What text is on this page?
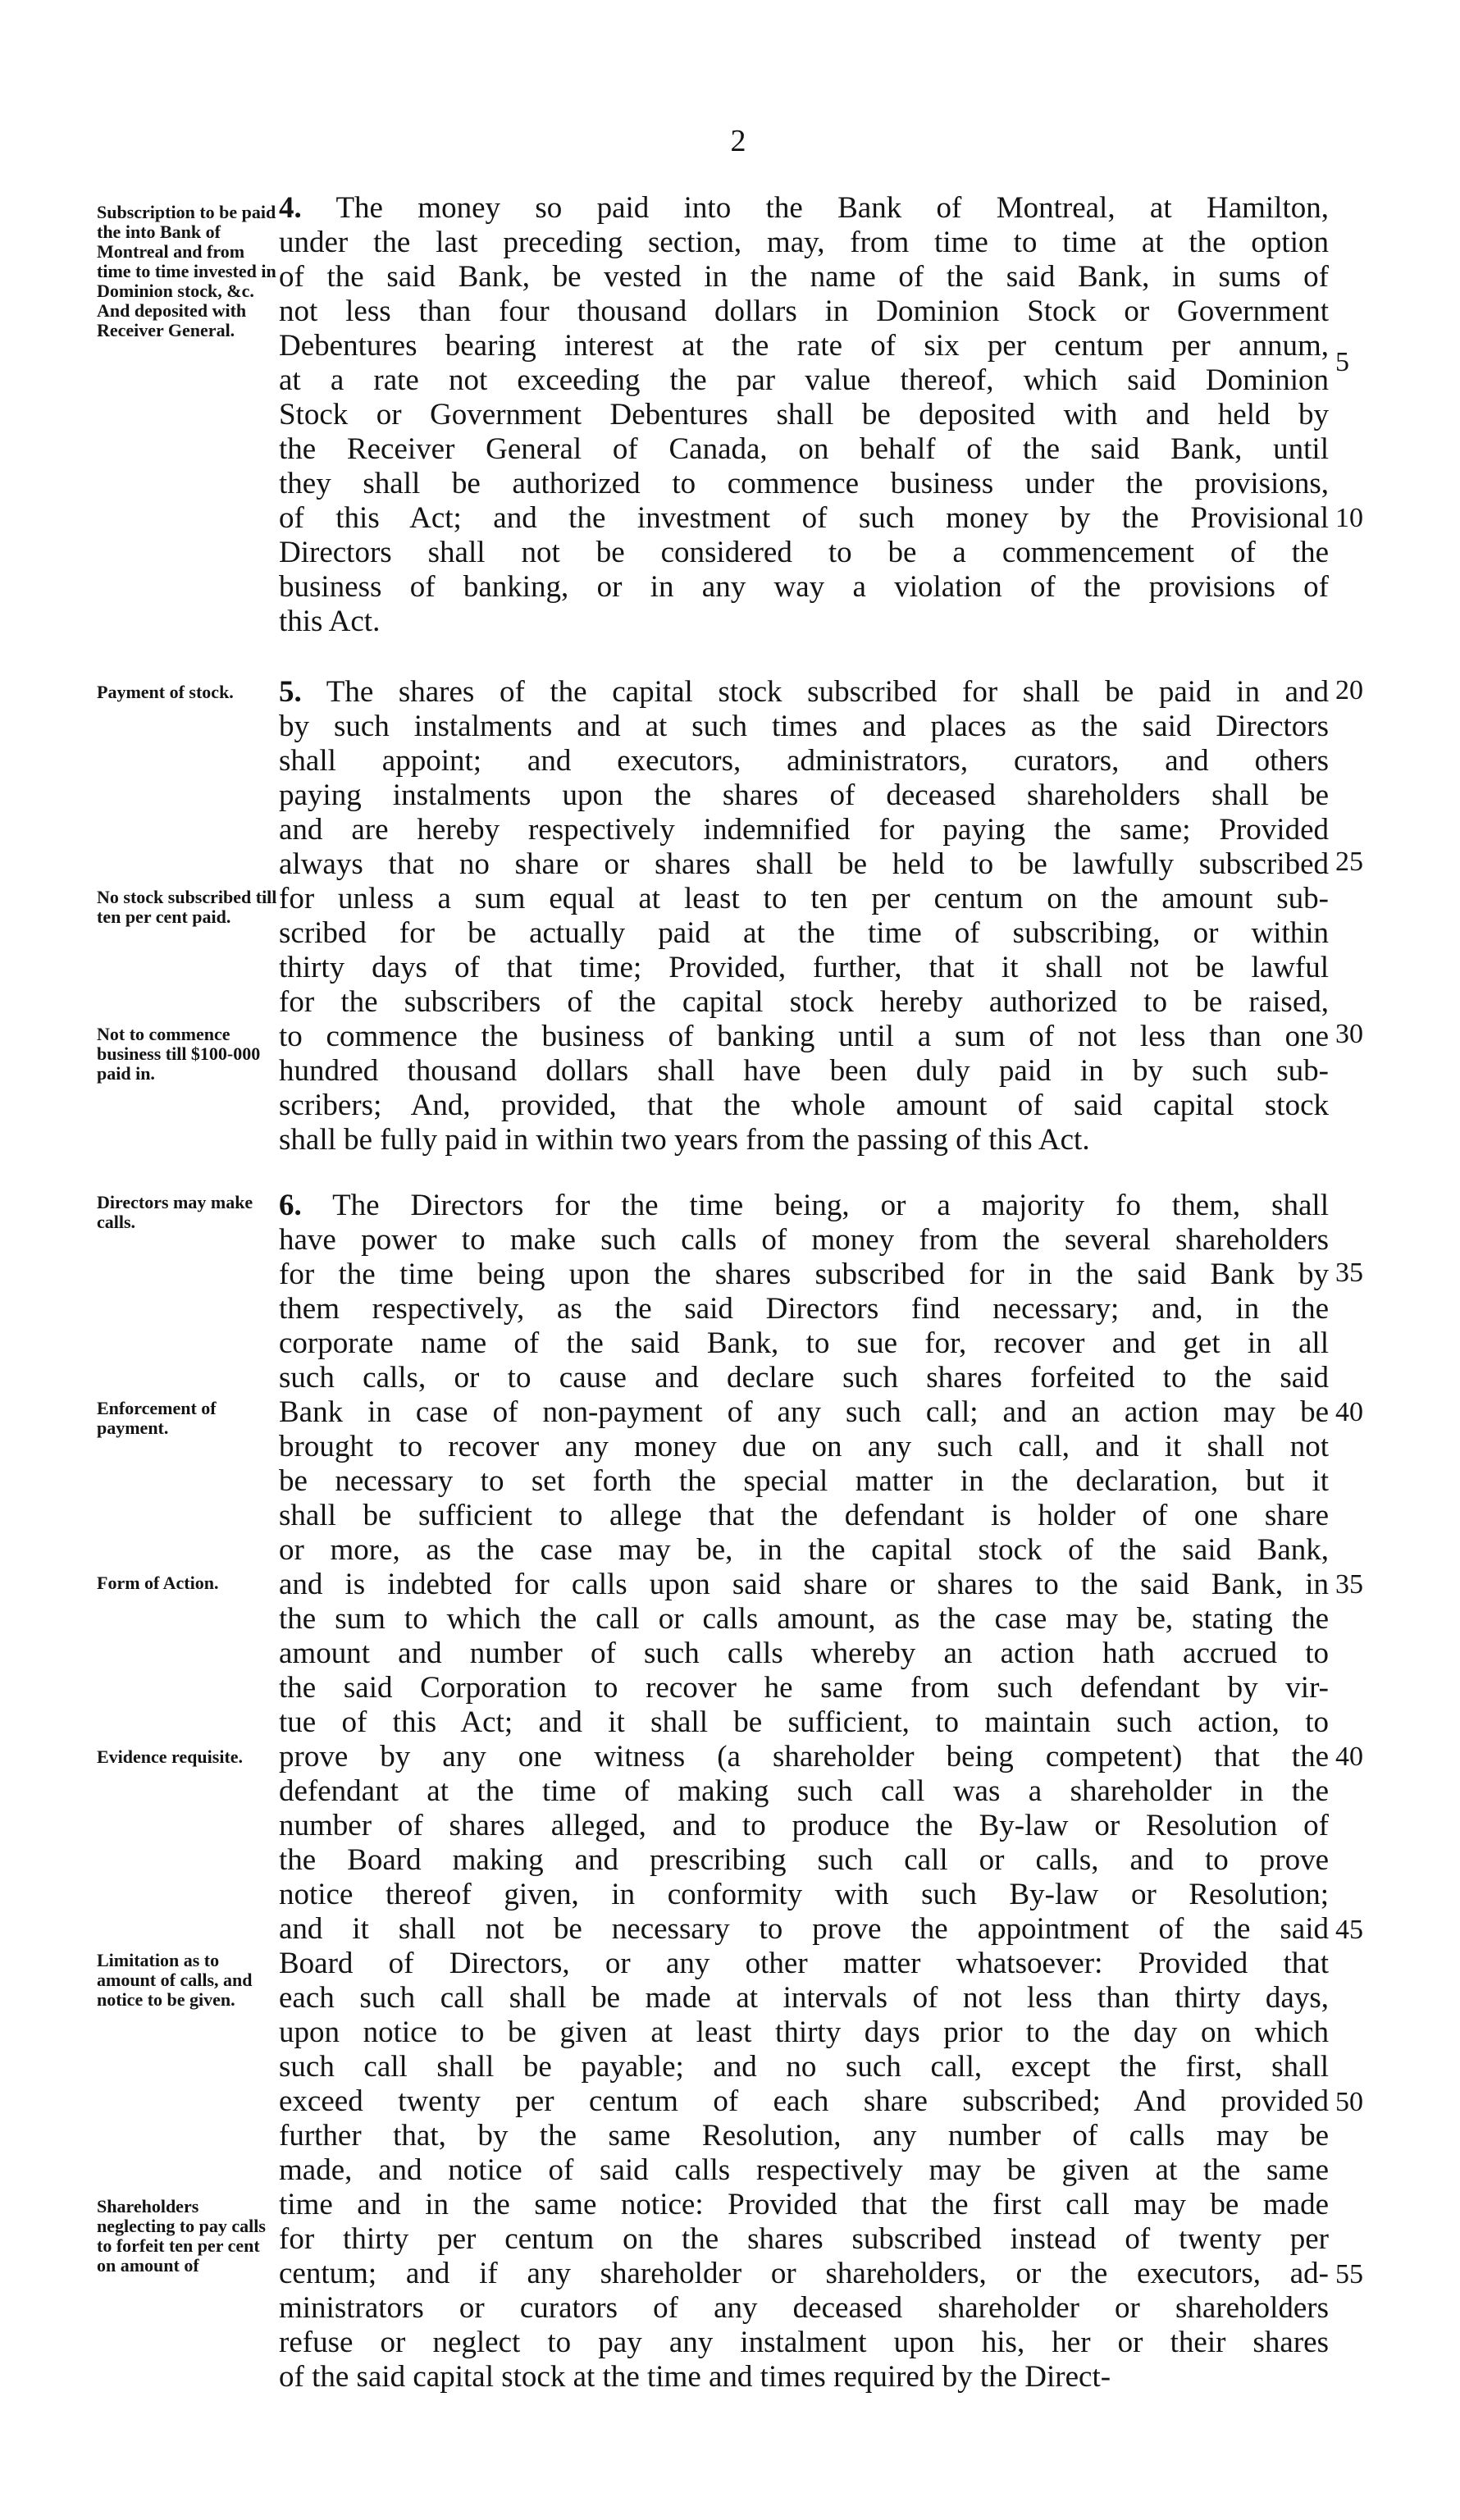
2
Subscription to be paid the into Bank of Montreal and from time to time invested in Dominion stock, &c. And deposited with Receiver General.
Payment of stock.
No stock subscribed till ten per cent paid.
Not to commence business till $100-000 paid in.
Directors may make calls.
Enforcement of payment.
Form of Action.
Evidence requisite.
Limitation as to amount of calls, and notice to be given.
Shareholders neglecting to pay calls to forfeit ten per cent on amount of
5
10
20
25
30
35
40
35
40
45
50
55
4. The money so paid into the Bank of Montreal, at Hamilton,
under the last preceding section, may, from time to time at the option
of the said Bank, be vested in the name of the said Bank, in sums of
not less than four thousand dollars in Dominion Stock or Government
Debentures bearing interest at the rate of six per centum per annum,
at a rate not exceeding the par value thereof, which said Dominion
Stock or Government Debentures shall be deposited with and held by
the Receiver General of Canada, on behalf of the said Bank, until
they shall be authorized to commence business under the provisions,
of this Act; and the investment of such money by the Provisional
Directors shall not be considered to be a commencement of the
business of banking, or in any way a violation of the provisions of
this Act.
5. The shares of the capital stock subscribed for shall be paid in and
by such instalments and at such times and places as the said Directors
shall appoint; and executors, administrators, curators, and others
paying instalments upon the shares of deceased shareholders shall be
and are hereby respectively indemnified for paying the same; Provided
always that no share or shares shall be held to be lawfully subscribed
for unless a sum equal at least to ten per centum on the amount sub-
scribed for be actually paid at the time of subscribing, or within
thirty days of that time; Provided, further, that it shall not be lawful
for the subscribers of the capital stock hereby authorized to be raised,
to commence the business of banking until a sum of not less than one
hundred thousand dollars shall have been duly paid in by such sub-
scribers; And, provided, that the whole amount of said capital stock
shall be fully paid in within two years from the passing of this Act.
6. The Directors for the time being, or a majority fo them, shall
have power to make such calls of money from the several shareholders
for the time being upon the shares subscribed for in the said Bank by
them respectively, as the said Directors find necessary; and, in the
corporate name of the said Bank, to sue for, recover and get in all
such calls, or to cause and declare such shares forfeited to the said
Bank in case of non-payment of any such call; and an action may be
brought to recover any money due on any such call, and it shall not
be necessary to set forth the special matter in the declaration, but it
shall be sufficient to allege that the defendant is holder of one share
or more, as the case may be, in the capital stock of the said Bank,
and is indebted for calls upon said share or shares to the said Bank, in
the sum to which the call or calls amount, as the case may be, stating the
amount and number of such calls whereby an action hath accrued to
the said Corporation to recover he same from such defendant by vir-
tue of this Act; and it shall be sufficient, to maintain such action, to
prove by any one witness (a shareholder being competent) that the
defendant at the time of making such call was a shareholder in the
number of shares alleged, and to produce the By-law or Resolution of
the Board making and prescribing such call or calls, and to prove
notice thereof given, in conformity with such By-law or Resolution;
and it shall not be necessary to prove the appointment of the said
Board of Directors, or any other matter whatsoever: Provided that
each such call shall be made at intervals of not less than thirty days,
upon notice to be given at least thirty days prior to the day on which
such call shall be payable; and no such call, except the first, shall
exceed twenty per centum of each share subscribed; And provided
further that, by the same Resolution, any number of calls may be
made, and notice of said calls respectively may be given at the same
time and in the same notice: Provided that the first call may be made
for thirty per centum on the shares subscribed instead of twenty per
centum; and if any shareholder or shareholders, or the executors, ad-
ministrators or curators of any deceased shareholder or shareholders
refuse or neglect to pay any instalment upon his, her or their shares
of the said capital stock at the time and times required by the Direct-
